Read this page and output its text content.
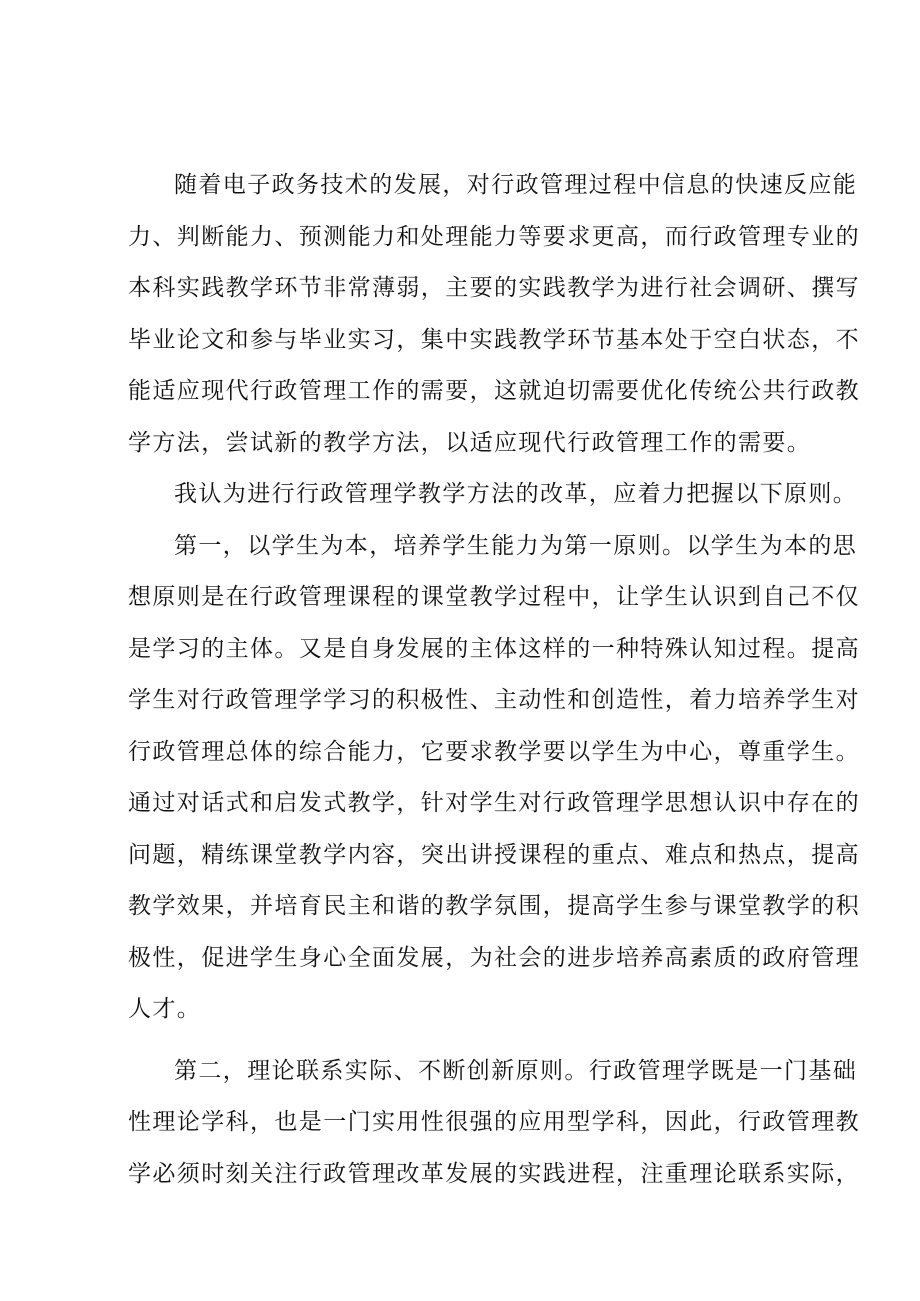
随着电子政务技术的发展，对行政管理过程中信息的快速反应能
力、判断能力、预测能力和处理能力等要求更高，而行政管理专业的
本科实践教学环节非常薄弱，主要的实践教学为进行社会调研、撰写
毕业论文和参与毕业实习，集中实践教学环节基本处于空白状态，不
能适应现代行政管理工作的需要，这就迫切需要优化传统公共行政教
学方法，尝试新的教学方法，以适应现代行政管理工作的需要。
我认为进行行政管理学教学方法的改革，应着力把握以下原则。
第一，以学生为本，培养学生能力为第一原则。以学生为本的思
想原则是在行政管理课程的课堂教学过程中，让学生认识到自己不仅
是学习的主体。又是自身发展的主体这样的一种特殊认知过程。提高
学生对行政管理学学习的积极性、主动性和创造性，着力培养学生对
行政管理总体的综合能力，它要求教学要以学生为中心，尊重学生。
通过对话式和启发式教学，针对学生对行政管理学思想认识中存在的
问题，精练课堂教学内容，突出讲授课程的重点、难点和热点，提高
教学效果，并培育民主和谐的教学氛围，提高学生参与课堂教学的积
极性，促进学生身心全面发展，为社会的进步培养高素质的政府管理
人才。
第二，理论联系实际、不断创新原则。行政管理学既是一门基础
性理论学科，也是一门实用性很强的应用型学科，因此，行政管理教
学必须时刻关注行政管理改革发展的实践进程，注重理论联系实际，
